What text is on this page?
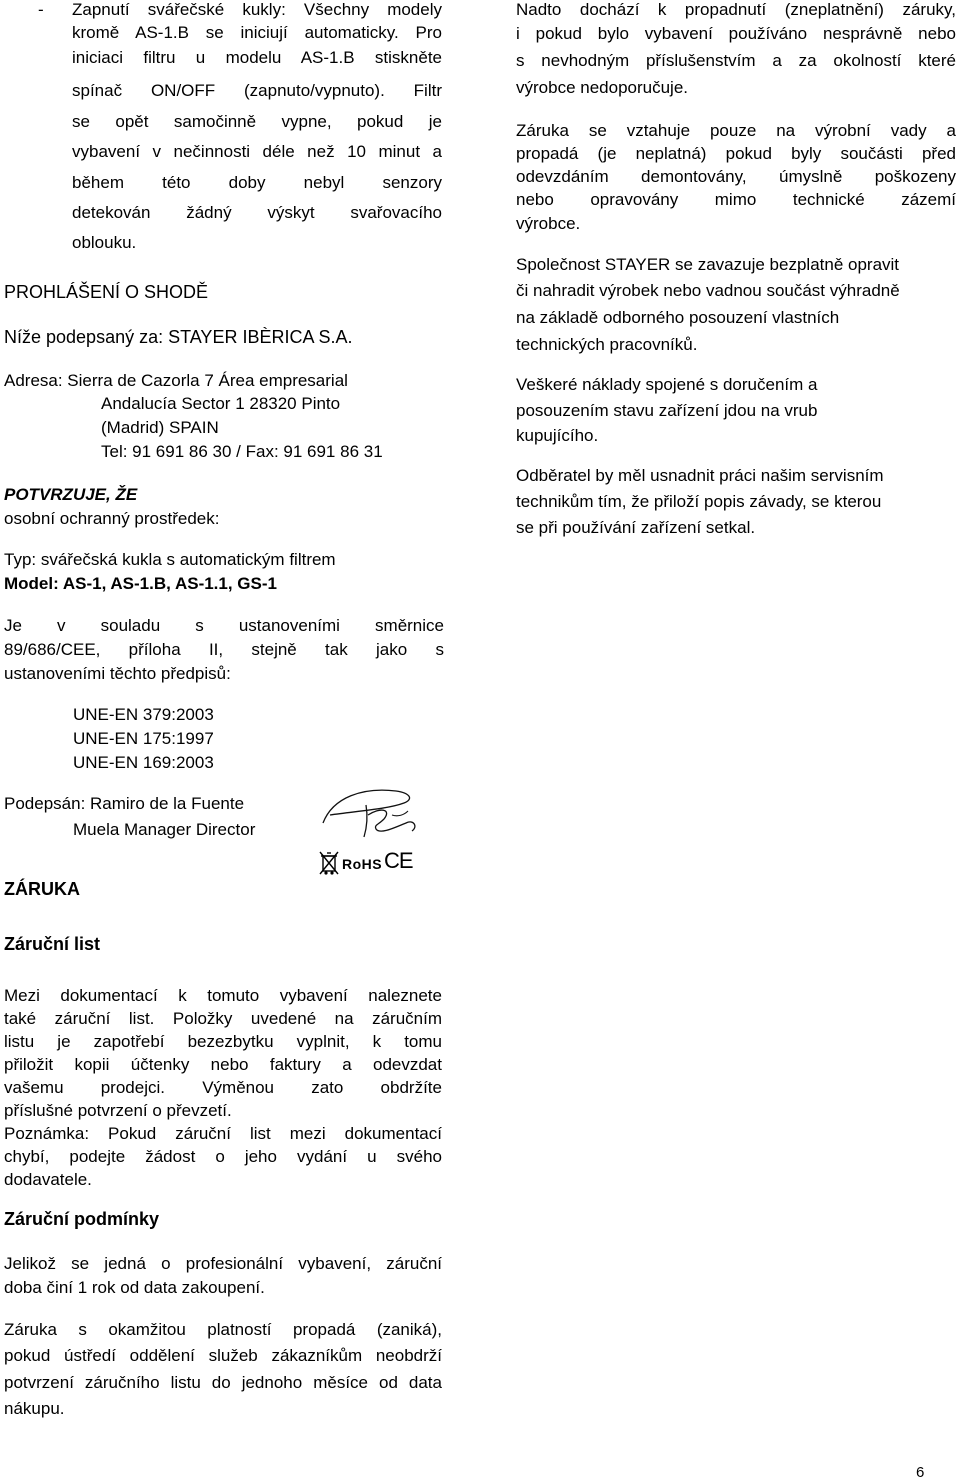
- Zapnutí svářečské kukly: Všechny modely
kromě AS-1.B se iniciují automaticky. Pro
iniciaci filtru u modelu AS-1.B stiskněte
spínač ON/OFF (zapnuto/vypnuto). Filtr
se opět samočinně vypne, pokud je
vybavení v nečinnosti déle než 10 minut a
během této doby nebyl senzory
detekován žádný výskyt svařovacího
oblouku.
PROHLÁŠENÍ O SHODĚ
Níže podepsaný za: STAYER IBÈRICA S.A.
Adresa: Sierra de Cazorla 7 Área empresarial
Andalucía Sector 1 28320 Pinto
(Madrid) SPAIN
Tel: 91 691 86 30 / Fax: 91 691 86 31
POTVRZUJE, ŽE
osobní ochranný prostředek:
Typ: svářečská kukla s automatickým filtrem
Model: AS-1, AS-1.B, AS-1.1, GS-1
Je v souladu s ustanoveními směrnice
89/686/CEE, příloha II, stejně tak jako s
ustanoveními těchto předpisů:
UNE-EN 379:2003
UNE-EN 175:1997
UNE-EN 169:2003
Podepsán: Ramiro de la Fuente
Muela Manager Director
RoHS CE
ZÁRUKA
Záruční list
Mezi dokumentací k tomuto vybavení naleznete
také záruční list. Položky uvedené na záručním
listu je zapotřebí bezezbytku vyplnit, k tomu
přiložit kopii účtenky nebo faktury a odevzdat
vašemu prodejci. Výměnou zato obdržíte
příslušné potvrzení o převzetí.
Poznámka: Pokud záruční list mezi dokumentací
chybí, podejte žádost o jeho vydání u svého
dodavatele.
Záruční podmínky
Jelikož se jedná o profesionální vybavení, záruční
doba činí 1 rok od data zakoupení.
Záruka s okamžitou platností propadá (zaniká),
pokud ústředí oddělení služeb zákazníkům neobdrží
potvrzení záručního listu do jednoho měsíce od data
nákupu.
Nadto dochází k propadnutí (zneplatnění) záruky,
i pokud bylo vybavení používáno nesprávně nebo
s nevhodným příslušenstvím a za okolností které
výrobce nedoporučuje.
Záruka se vztahuje pouze na výrobní vady a
propadá (je neplatná) pokud byly součásti před
odevzdáním demontovány, úmyslně poškozeny
nebo opravovány mimo technické zázemí
výrobce.
Společnost STAYER se zavazuje bezplatně opravit
či nahradit výrobek nebo vadnou součást výhradně
na základě odborného posouzení vlastních
technických pracovníků.
Veškeré náklady spojené s doručením a
posouzením stavu zařízení jdou na vrub
kupujícího.
Odběratel by měl usnadnit práci našim servisním
technikům tím, že přiloží popis závady, se kterou
se při používání zařízení setkal.
6
